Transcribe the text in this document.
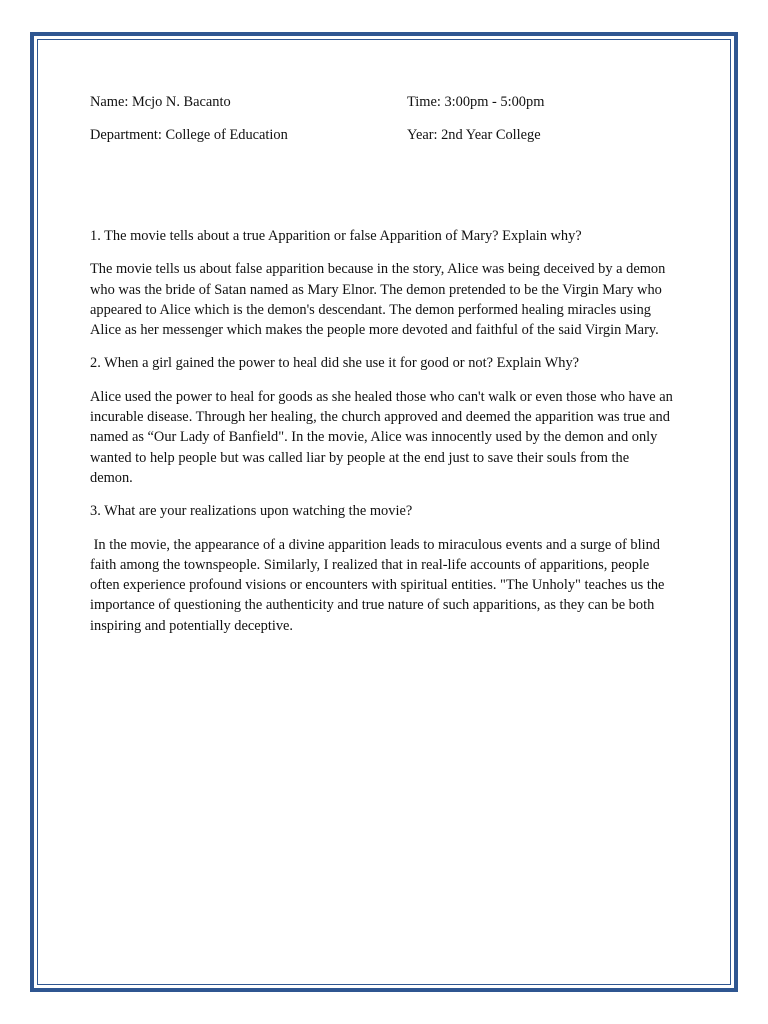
Name: Mcjo N. Bacanto	Time: 3:00pm - 5:00pm
Department: College of Education	Year: 2nd Year College

1. The movie tells about a true Apparition or false Apparition of Mary? Explain why?

The movie tells us about false apparition because in the story, Alice was being deceived by a demon who was the bride of Satan named as Mary Elnor. The demon pretended to be the Virgin Mary who appeared to Alice which is the demon's descendant. The demon performed healing miracles using Alice as her messenger which makes the people more devoted and faithful of the said Virgin Mary.

2. When a girl gained the power to heal did she use it for good or not? Explain Why?

Alice used the power to heal for goods as she healed those who can't walk or even those who have an incurable disease. Through her healing, the church approved and deemed the apparition was true and named as “Our Lady of Banfield". In the movie, Alice was innocently used by the demon and only wanted to help people but was called liar by people at the end just to save their souls from the demon.

3. What are your realizations upon watching the movie?

In the movie, the appearance of a divine apparition leads to miraculous events and a surge of blind faith among the townspeople. Similarly, I realized that in real-life accounts of apparitions, people often experience profound visions or encounters with spiritual entities. "The Unholy" teaches us the importance of questioning the authenticity and true nature of such apparitions, as they can be both inspiring and potentially deceptive.
